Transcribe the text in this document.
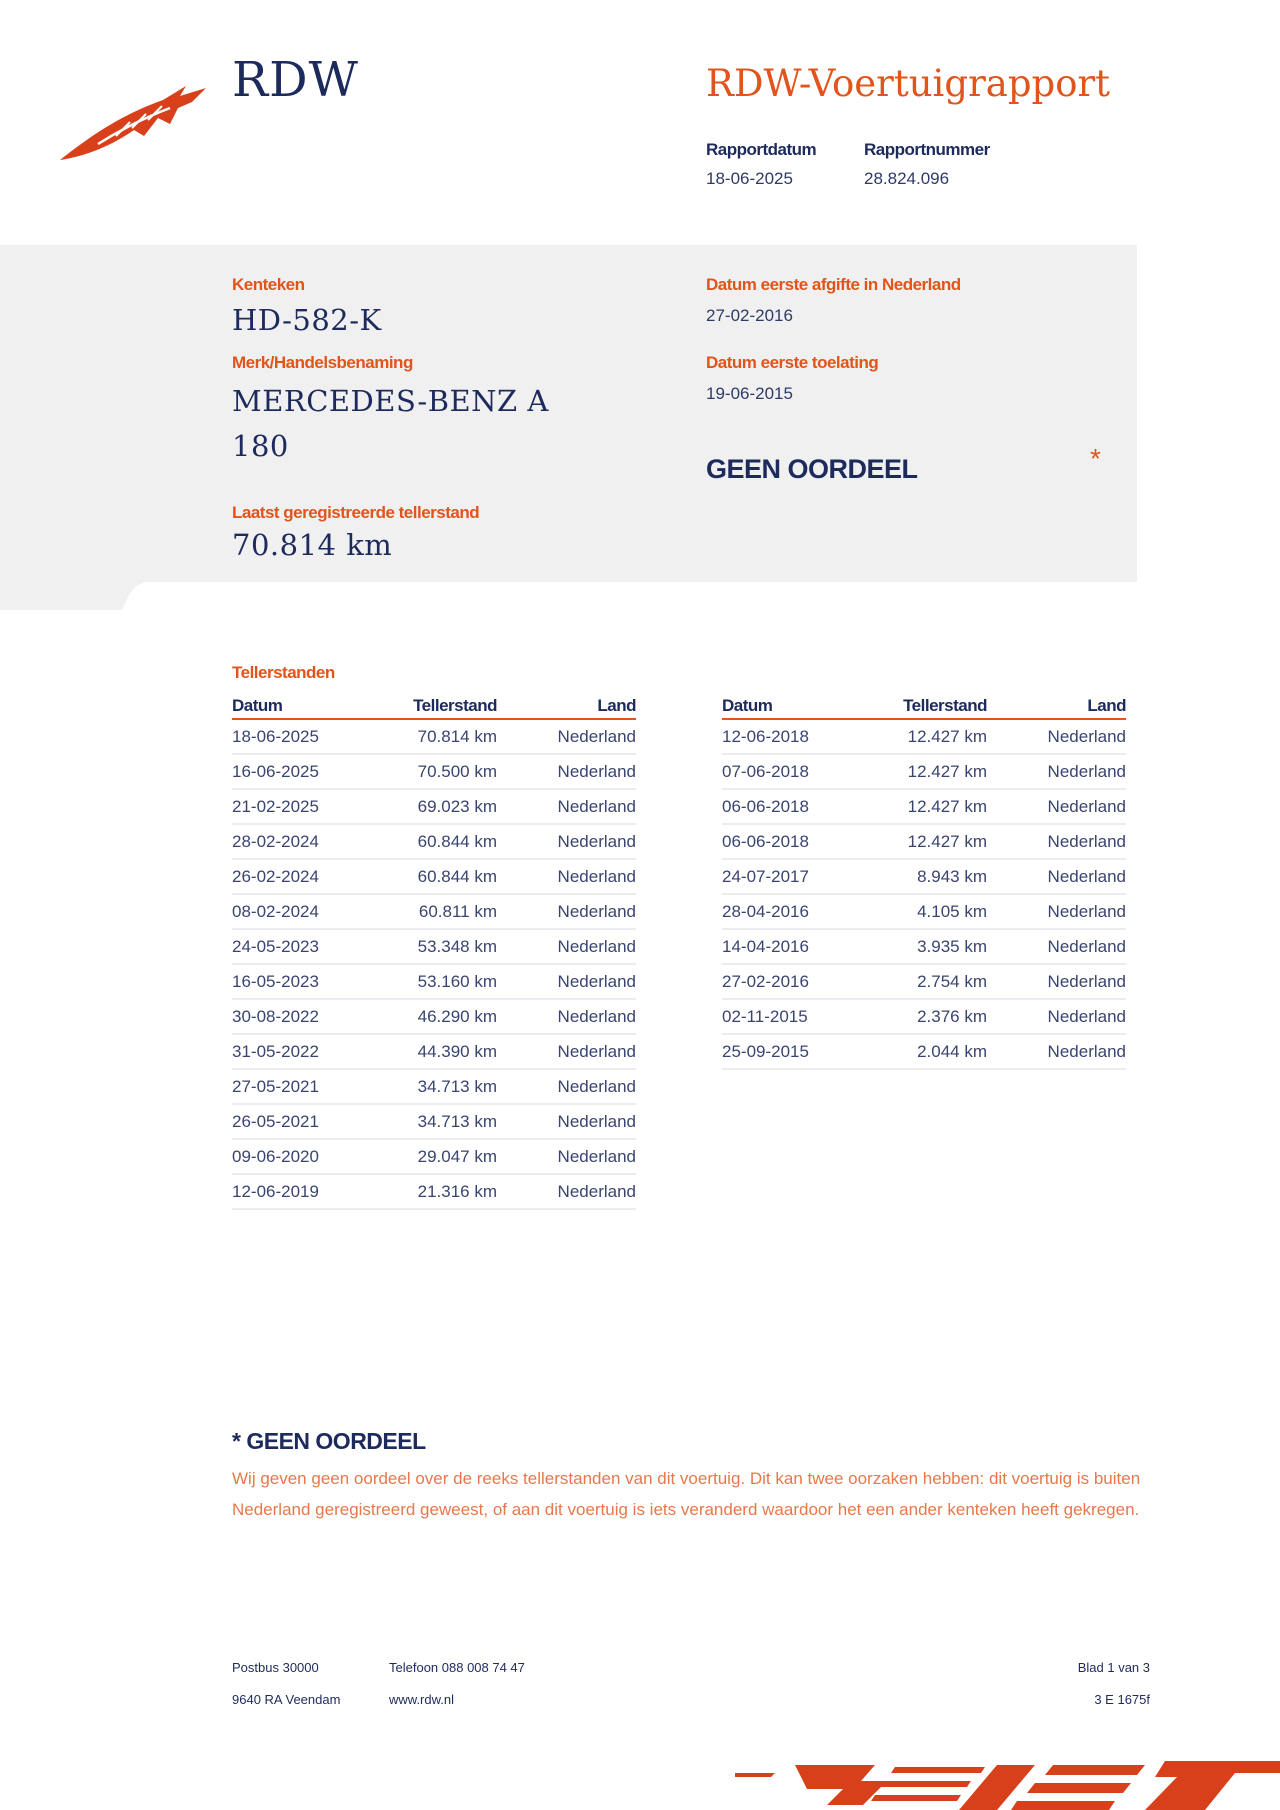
RDW	RDW-Voertuigrapport
Rapportdatum
18-06-2025
Rapportnummer
28.824.096
Kenteken
HD-582-K
Merk/Handelsbenaming
MERCEDES-BENZ A
180
Laatst geregistreerde tellerstand
70.814 km
Datum eerste afgifte in Nederland
27-02-2016
Datum eerste toelating
19-06-2015
GEEN OORDEEL	*
Tellerstanden
Datum	Tellerstand	Land
18-06-2025	70.814 km	Nederland
16-06-2025	70.500 km	Nederland
21-02-2025	69.023 km	Nederland
28-02-2024	60.844 km	Nederland
26-02-2024	60.844 km	Nederland
08-02-2024	60.811 km	Nederland
24-05-2023	53.348 km	Nederland
16-05-2023	53.160 km	Nederland
30-08-2022	46.290 km	Nederland
31-05-2022	44.390 km	Nederland
27-05-2021	34.713 km	Nederland
26-05-2021	34.713 km	Nederland
09-06-2020	29.047 km	Nederland
12-06-2019	21.316 km	Nederland
Datum	Tellerstand	Land
12-06-2018	12.427 km	Nederland
07-06-2018	12.427 km	Nederland
06-06-2018	12.427 km	Nederland
06-06-2018	12.427 km	Nederland
24-07-2017	8.943 km	Nederland
28-04-2016	4.105 km	Nederland
14-04-2016	3.935 km	Nederland
27-02-2016	2.754 km	Nederland
02-11-2015	2.376 km	Nederland
25-09-2015	2.044 km	Nederland
* GEEN OORDEEL
Wij geven geen oordeel over de reeks tellerstanden van dit voertuig. Dit kan twee oorzaken hebben: dit voertuig is buiten Nederland geregistreerd geweest, of aan dit voertuig is iets veranderd waardoor het een ander kenteken heeft gekregen.
Postbus 30000
9640 RA Veendam
Telefoon 088 008 74 47
www.rdw.nl
Blad 1 van 3
3 E 1675f
